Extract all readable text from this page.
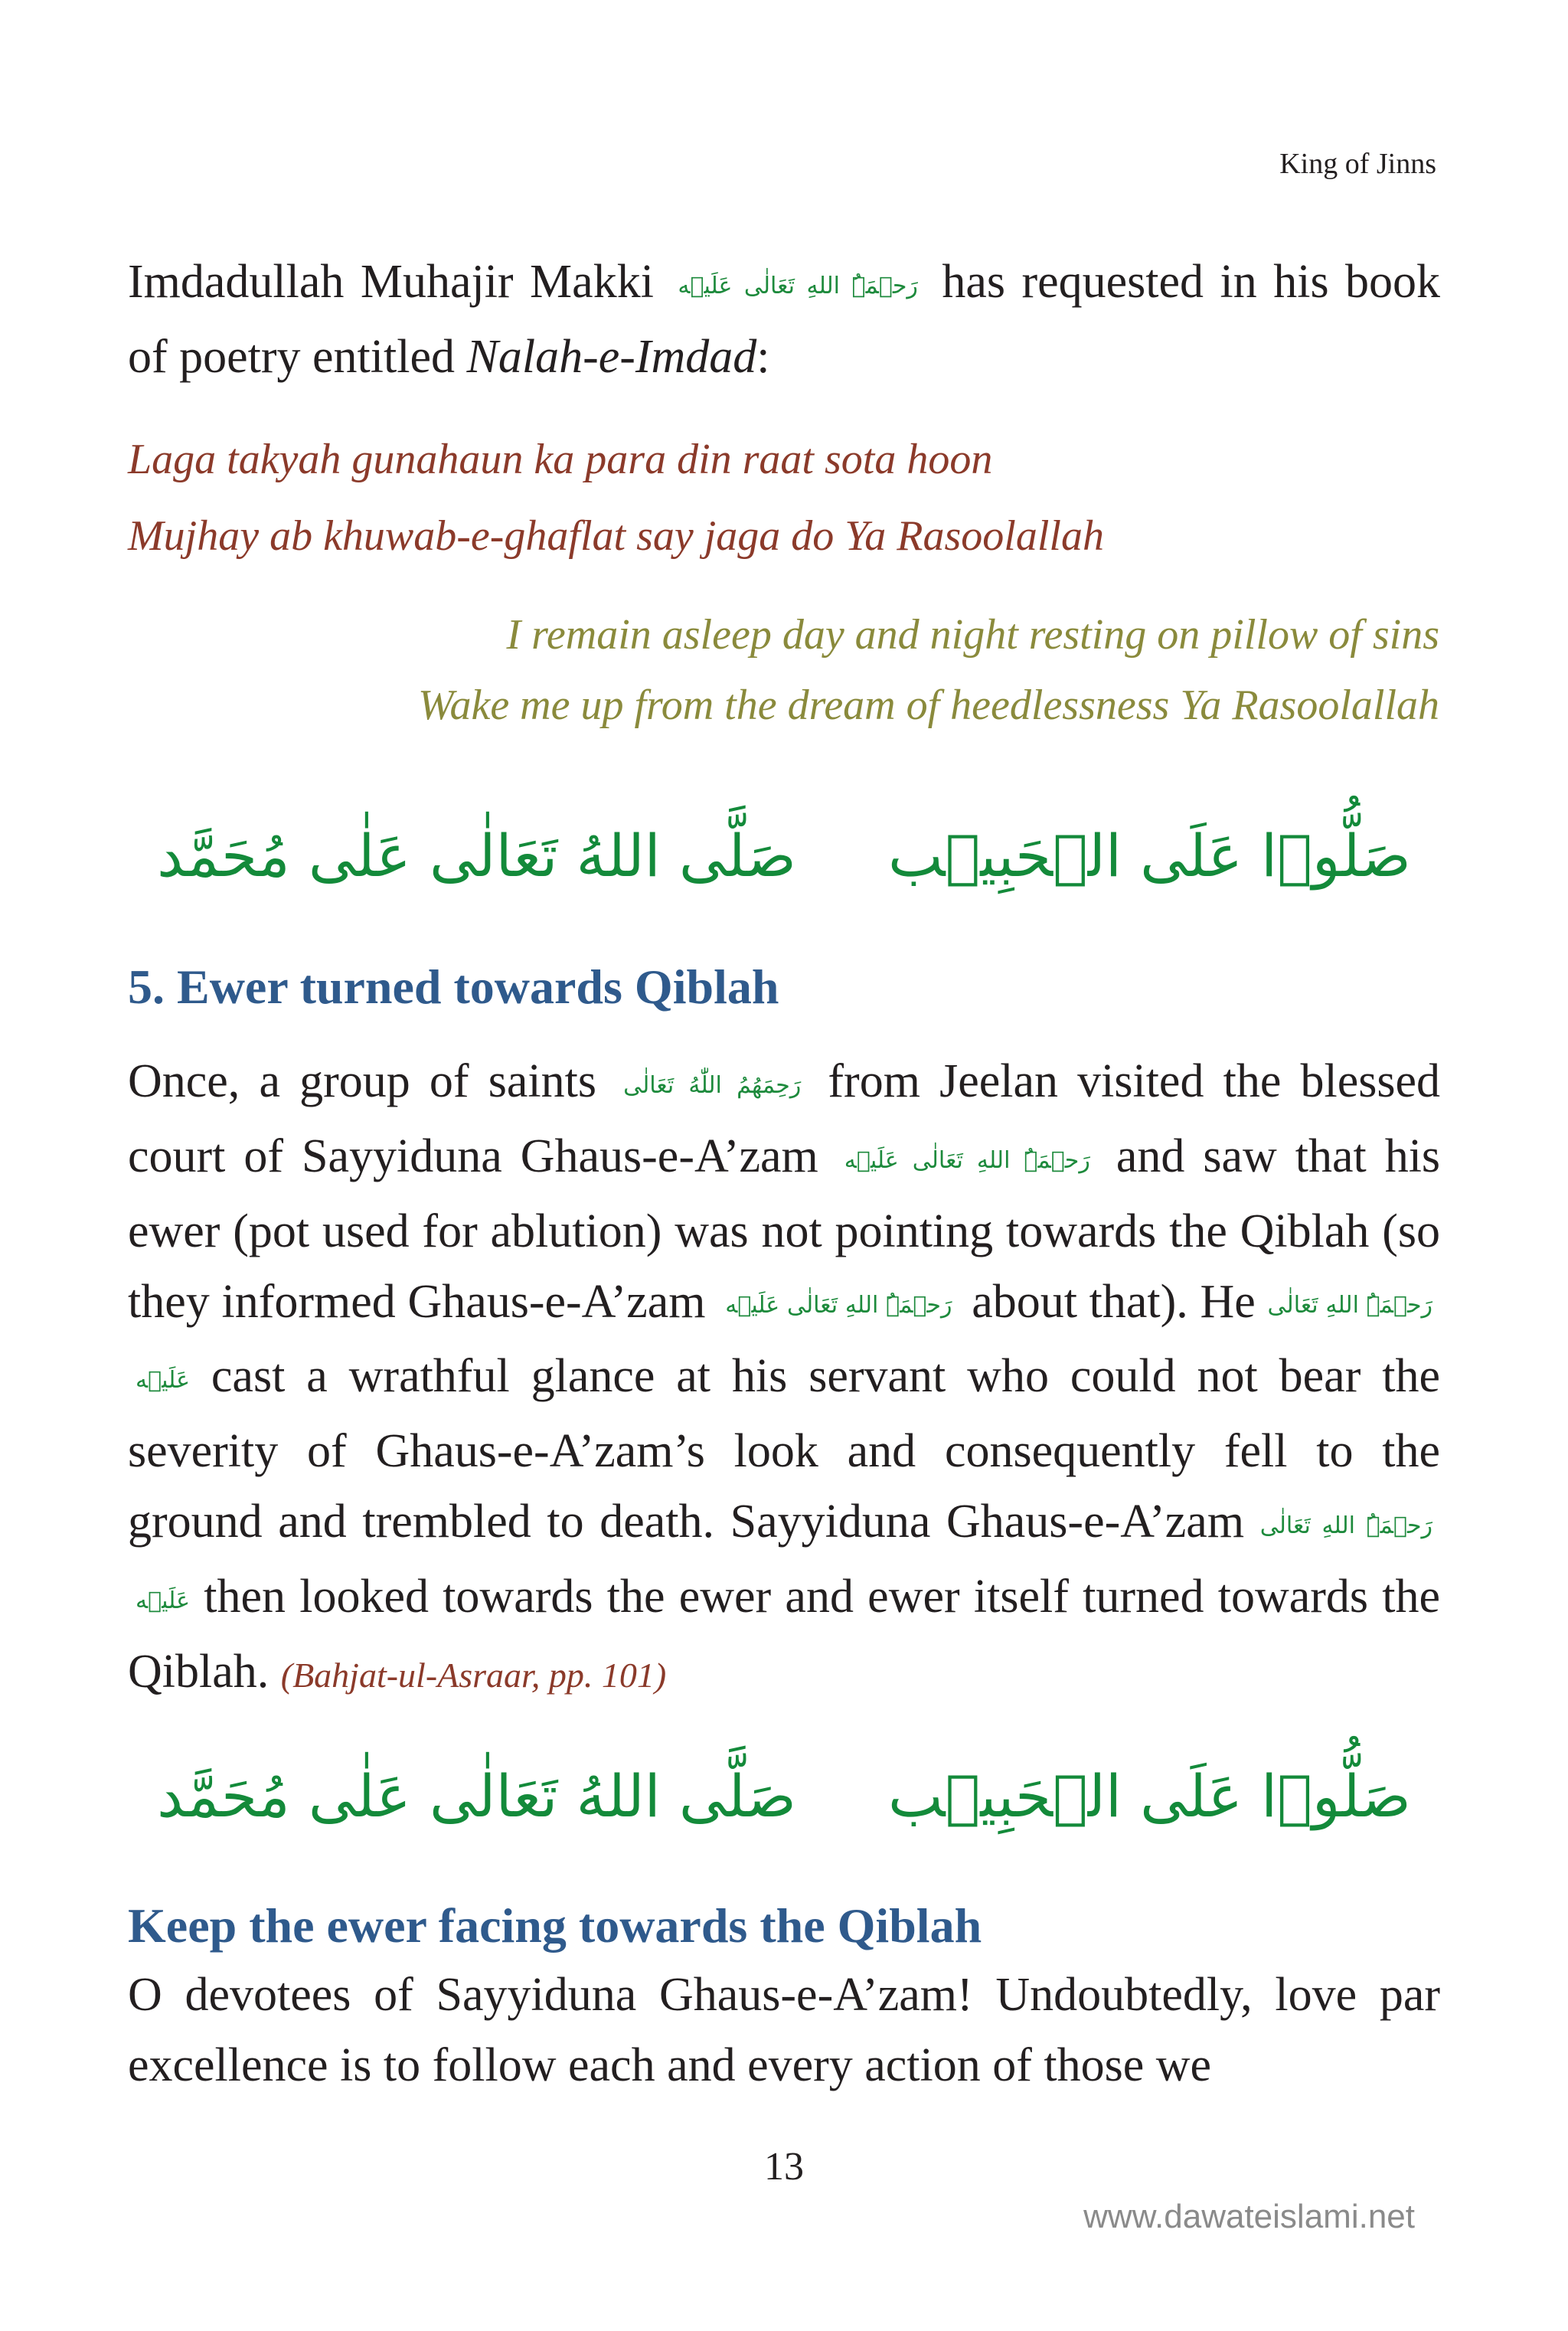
King of Jinns

Imdadullah Muhajir Makki رَحۡمَۃُ اللهِ تَعَالٰی عَلَیۡه has requested in his book of poetry entitled Nalah-e-Imdad:

Laga takyah gunahaun ka para din raat sota hoon
Mujhay ab khuwab-e-ghaflat say jaga do Ya Rasoolallah
I remain asleep day and night resting on pillow of sins
Wake me up from the dream of heedlessness Ya Rasoolallah
صَلُّوۡا عَلَی الۡحَبِیۡب
صَلَّی اللهُ تَعَالٰی عَلٰی مُحَمَّد
5. Ewer turned towards Qiblah

Once, a group of saints رَحِمَهُمُ اللّٰهُ تَعَالٰی from Jeelan visited the blessed court of Sayyiduna Ghaus-e-A’zam رَحۡمَۃُ اللهِ تَعَالٰی عَلَیۡه and saw that his ewer (pot used for ablution) was not pointing towards the Qiblah (so they informed Ghaus-e-A’zam رَحۡمَۃُ اللهِ تَعَالٰی عَلَیۡه about that). He رَحۡمَۃُ اللهِ تَعَالٰی عَلَیۡه cast a wrathful glance at his servant who could not bear the severity of Ghaus-e-A’zam’s look and consequently fell to the ground and trembled to death. Sayyiduna Ghaus-e-A’zam رَحۡمَۃُ اللهِ تَعَالٰی عَلَیۡه then looked towards the ewer and ewer itself turned towards the Qiblah. (Bahjat-ul-Asraar, pp. 101)

صَلُّوۡا عَلَی الۡحَبِیۡب
صَلَّی اللهُ تَعَالٰی عَلٰی مُحَمَّد
Keep the ewer facing towards the Qiblah

O devotees of Sayyiduna Ghaus-e-A’zam! Undoubtedly, love par excellence is to follow each and every action of those we

13
www.dawateislami.net
